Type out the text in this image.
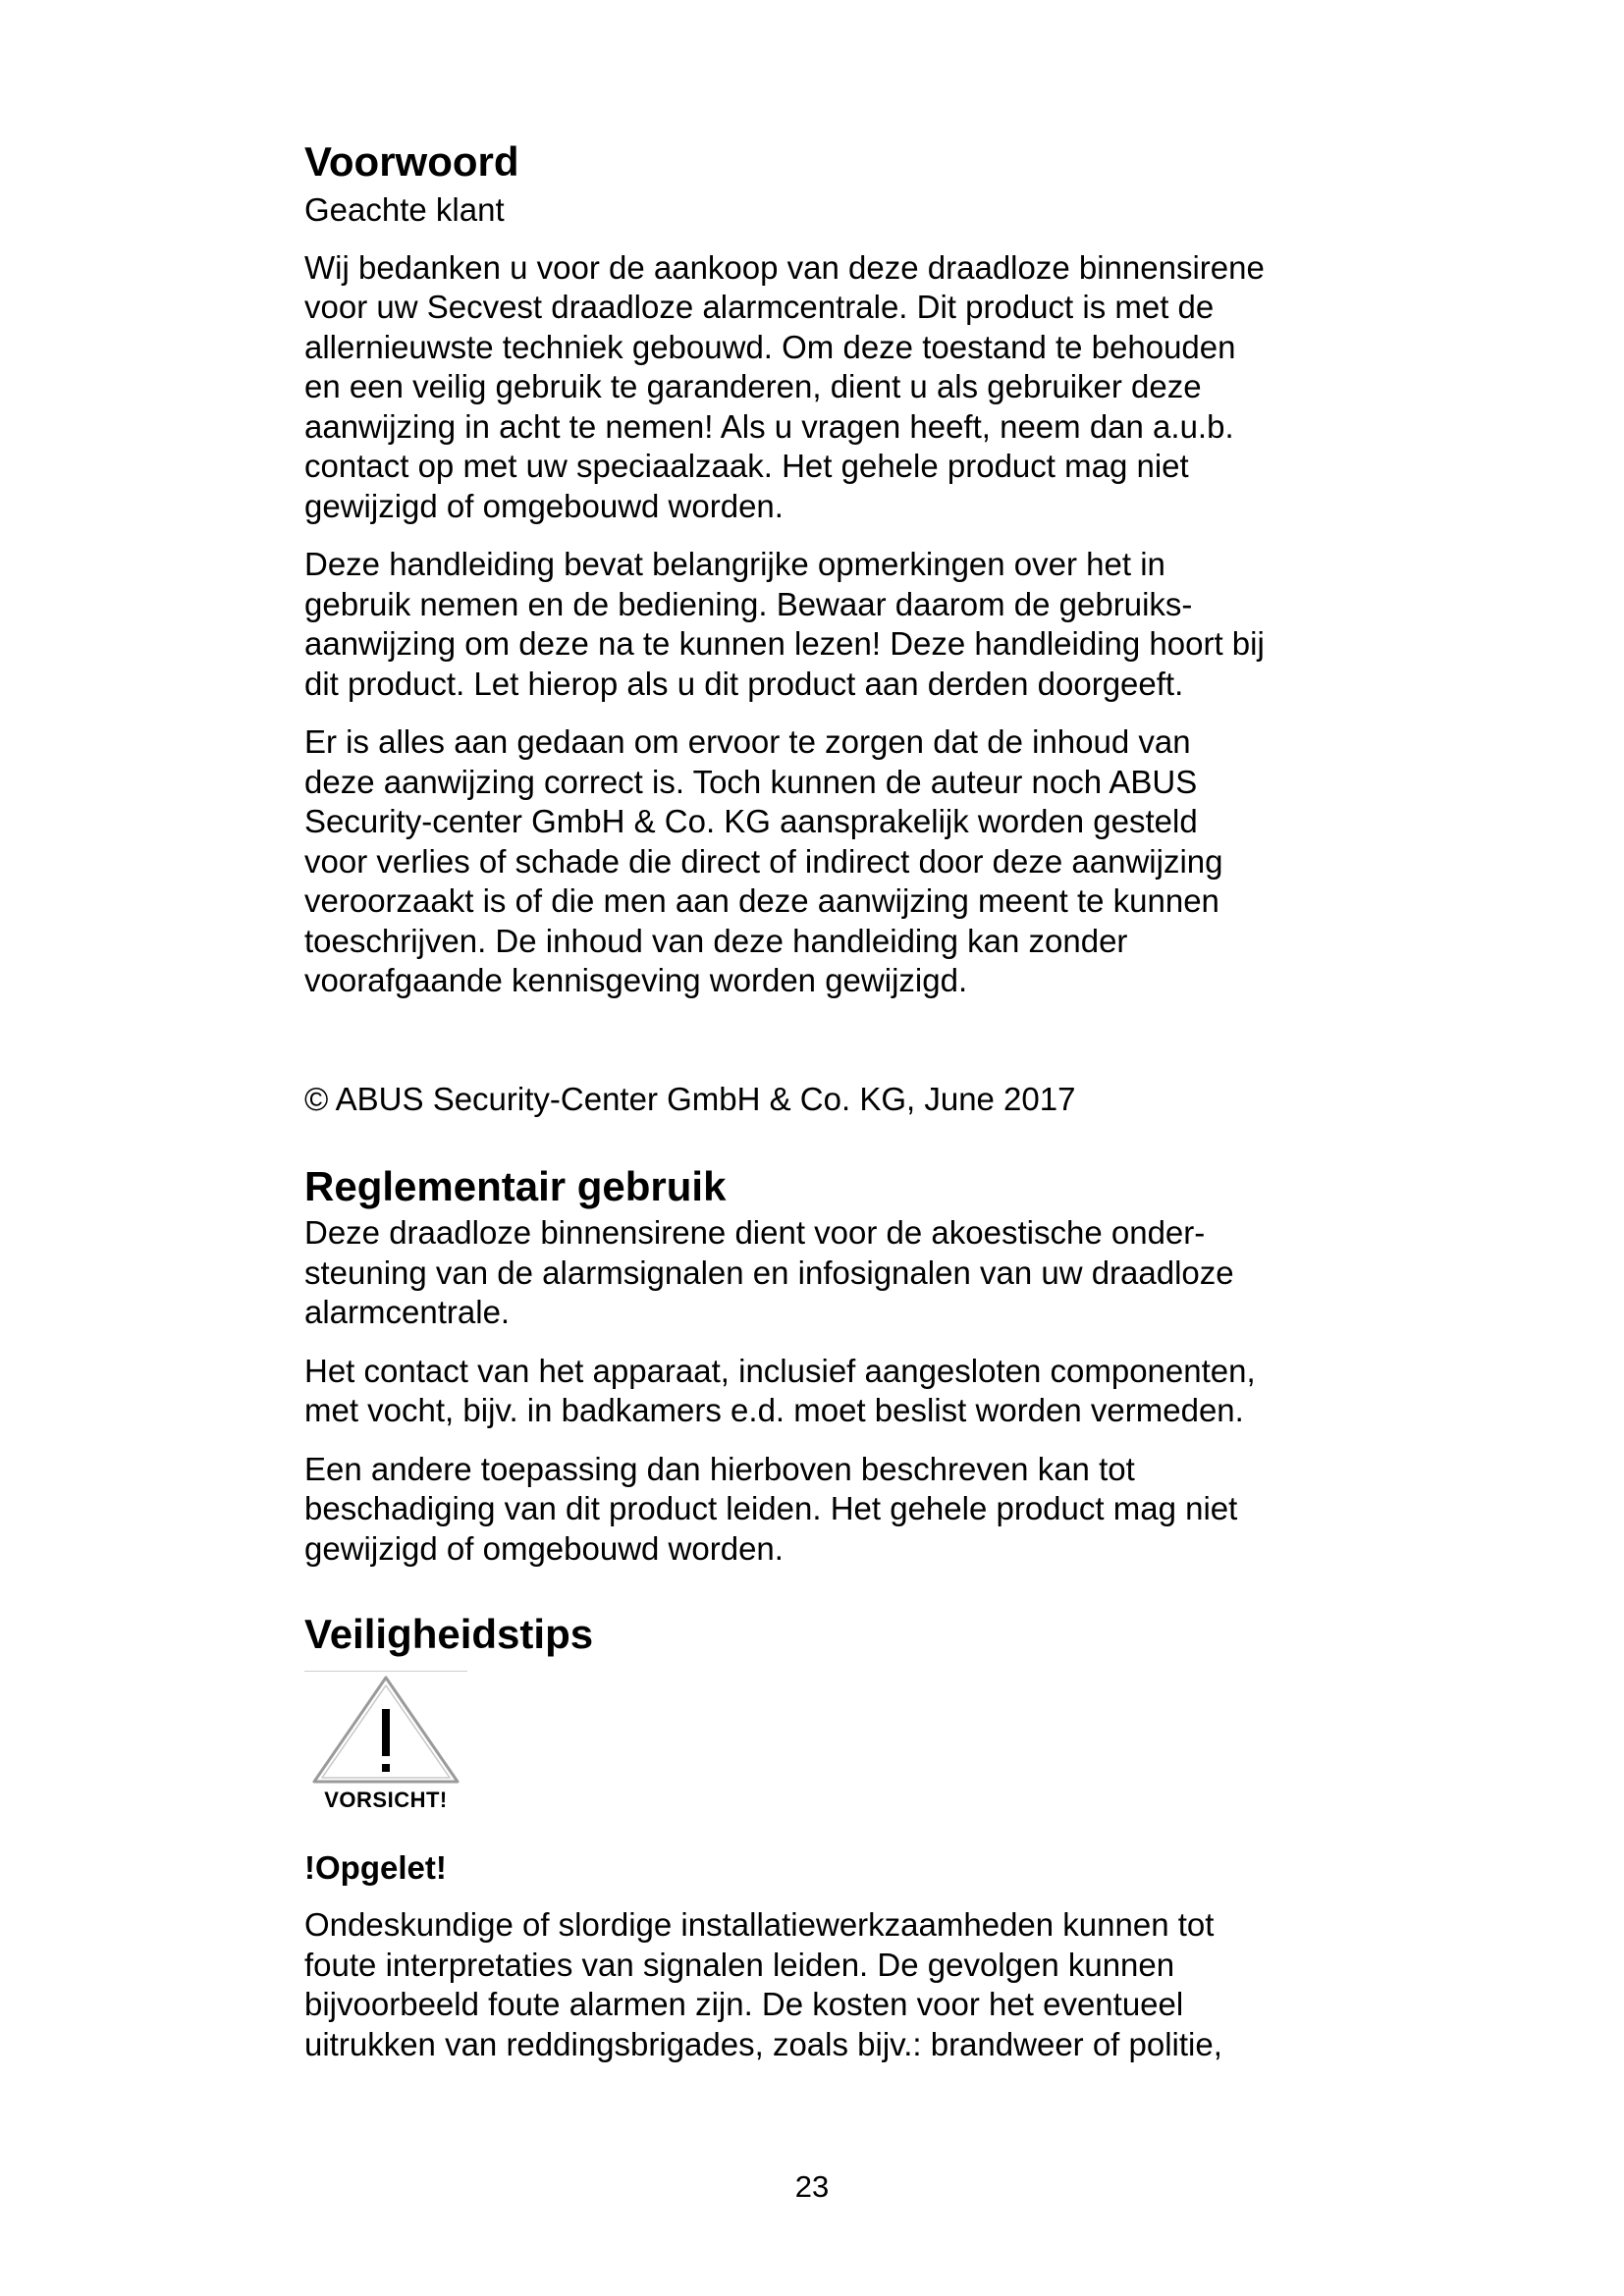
Voorwoord

Geachte klant

Wij bedanken u voor de aankoop van deze draadloze binnensirene
voor uw Secvest draadloze alarmcentrale. Dit product is met de
allernieuwste techniek gebouwd. Om deze toestand te behouden
en een veilig gebruik te garanderen, dient u als gebruiker deze
aanwijzing in acht te nemen! Als u vragen heeft, neem dan a.u.b.
contact op met uw speciaalzaak. Het gehele product mag niet
gewijzigd of omgebouwd worden.

Deze handleiding bevat belangrijke opmerkingen over het in
gebruik nemen en de bediening. Bewaar daarom de gebruiks-
aanwijzing om deze na te kunnen lezen! Deze handleiding hoort bij
dit product. Let hierop als u dit product aan derden doorgeeft.

Er is alles aan gedaan om ervoor te zorgen dat de inhoud van
deze aanwijzing correct is. Toch kunnen de auteur noch ABUS
Security-center GmbH & Co. KG aansprakelijk worden gesteld
voor verlies of schade die direct of indirect door deze aanwijzing
veroorzaakt is of die men aan deze aanwijzing meent te kunnen
toeschrijven. De inhoud van deze handleiding kan zonder
voorafgaande kennisgeving worden gewijzigd.

© ABUS Security-Center GmbH & Co. KG, June 2017

Reglementair gebruik

Deze draadloze binnensirene dient voor de akoestische onder-
steuning van de alarmsignalen en infosignalen van uw draadloze
alarmcentrale.

Het contact van het apparaat, inclusief aangesloten componenten,
met vocht, bijv. in badkamers e.d. moet beslist worden vermeden.

Een andere toepassing dan hierboven beschreven kan tot
beschadiging van dit product leiden. Het gehele product mag niet
gewijzigd of omgebouwd worden.

Veiligheidstips
VORSICHT!

!Opgelet!

Ondeskundige of slordige installatiewerkzaamheden kunnen tot
foute interpretaties van signalen leiden. De gevolgen kunnen
bijvoorbeeld foute alarmen zijn. De kosten voor het eventueel
uitrukken van reddingsbrigades, zoals bijv.: brandweer of politie,

23
